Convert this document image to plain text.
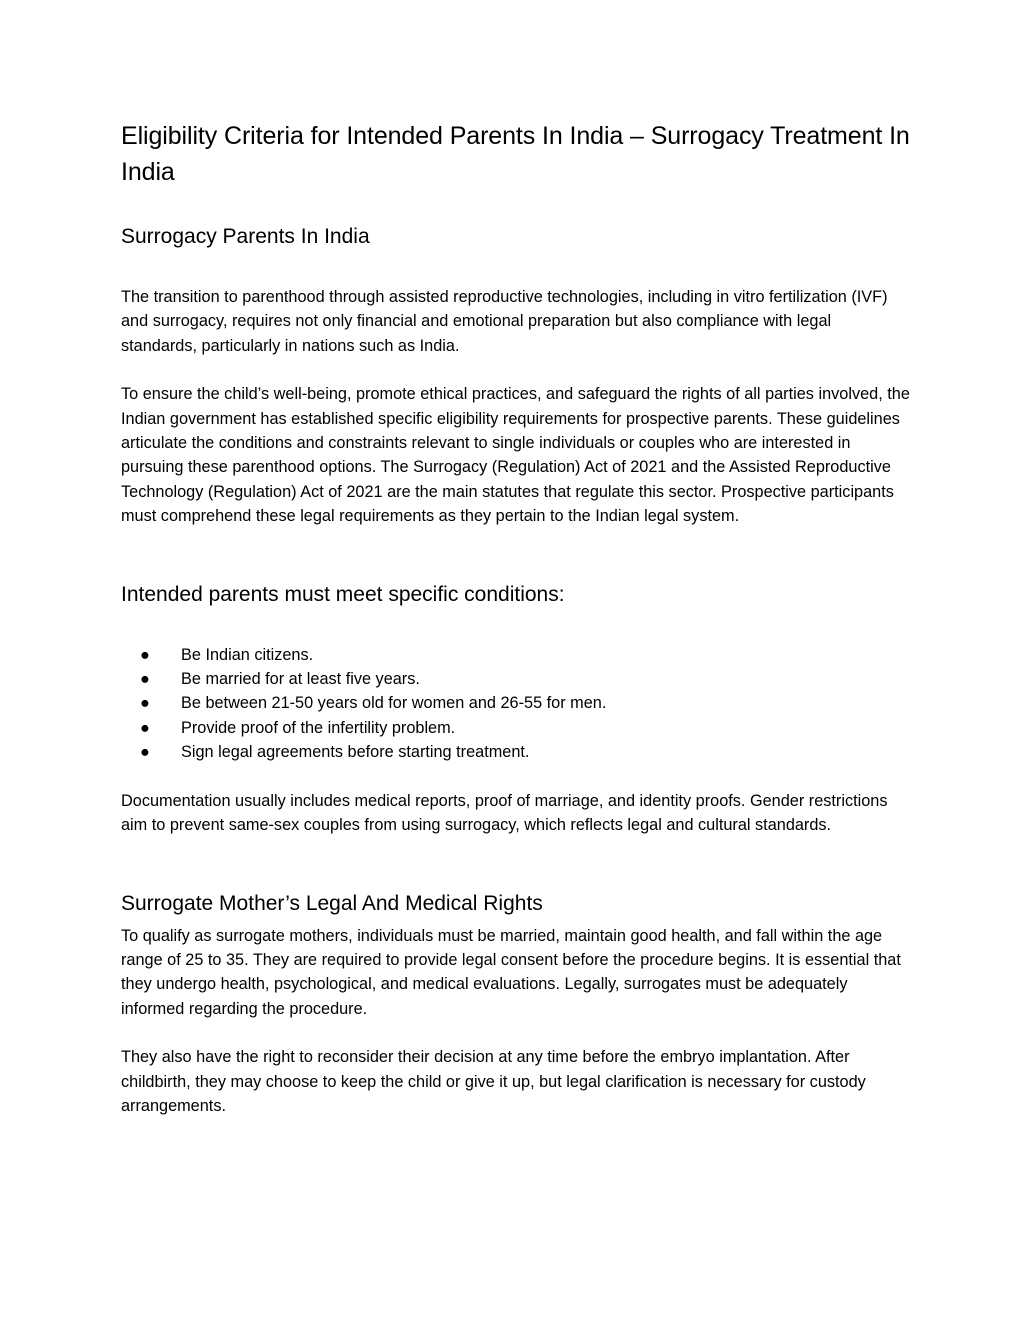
Eligibility Criteria for Intended Parents In India – Surrogacy Treatment In India
Surrogacy Parents In India

The transition to parenthood through assisted reproductive technologies, including in vitro fertilization (IVF) and surrogacy, requires not only financial and emotional preparation but also compliance with legal standards, particularly in nations such as India.

To ensure the child’s well-being, promote ethical practices, and safeguard the rights of all parties involved, the Indian government has established specific eligibility requirements for prospective parents. These guidelines articulate the conditions and constraints relevant to single individuals or couples who are interested in pursuing these parenthood options. The Surrogacy (Regulation) Act of 2021 and the Assisted Reproductive Technology (Regulation) Act of 2021 are the main statutes that regulate this sector. Prospective participants must comprehend these legal requirements as they pertain to the Indian legal system.

Intended parents must meet specific conditions:
● Be Indian citizens.
● Be married for at least five years.
● Be between 21-50 years old for women and 26-55 for men.
● Provide proof of the infertility problem.
● Sign legal agreements before starting treatment.

Documentation usually includes medical reports, proof of marriage, and identity proofs. Gender restrictions aim to prevent same-sex couples from using surrogacy, which reflects legal and cultural standards.

Surrogate Mother’s Legal And Medical Rights

To qualify as surrogate mothers, individuals must be married, maintain good health, and fall within the age range of 25 to 35. They are required to provide legal consent before the procedure begins. It is essential that they undergo health, psychological, and medical evaluations. Legally, surrogates must be adequately informed regarding the procedure.

They also have the right to reconsider their decision at any time before the embryo implantation. After childbirth, they may choose to keep the child or give it up, but legal clarification is necessary for custody arrangements.
